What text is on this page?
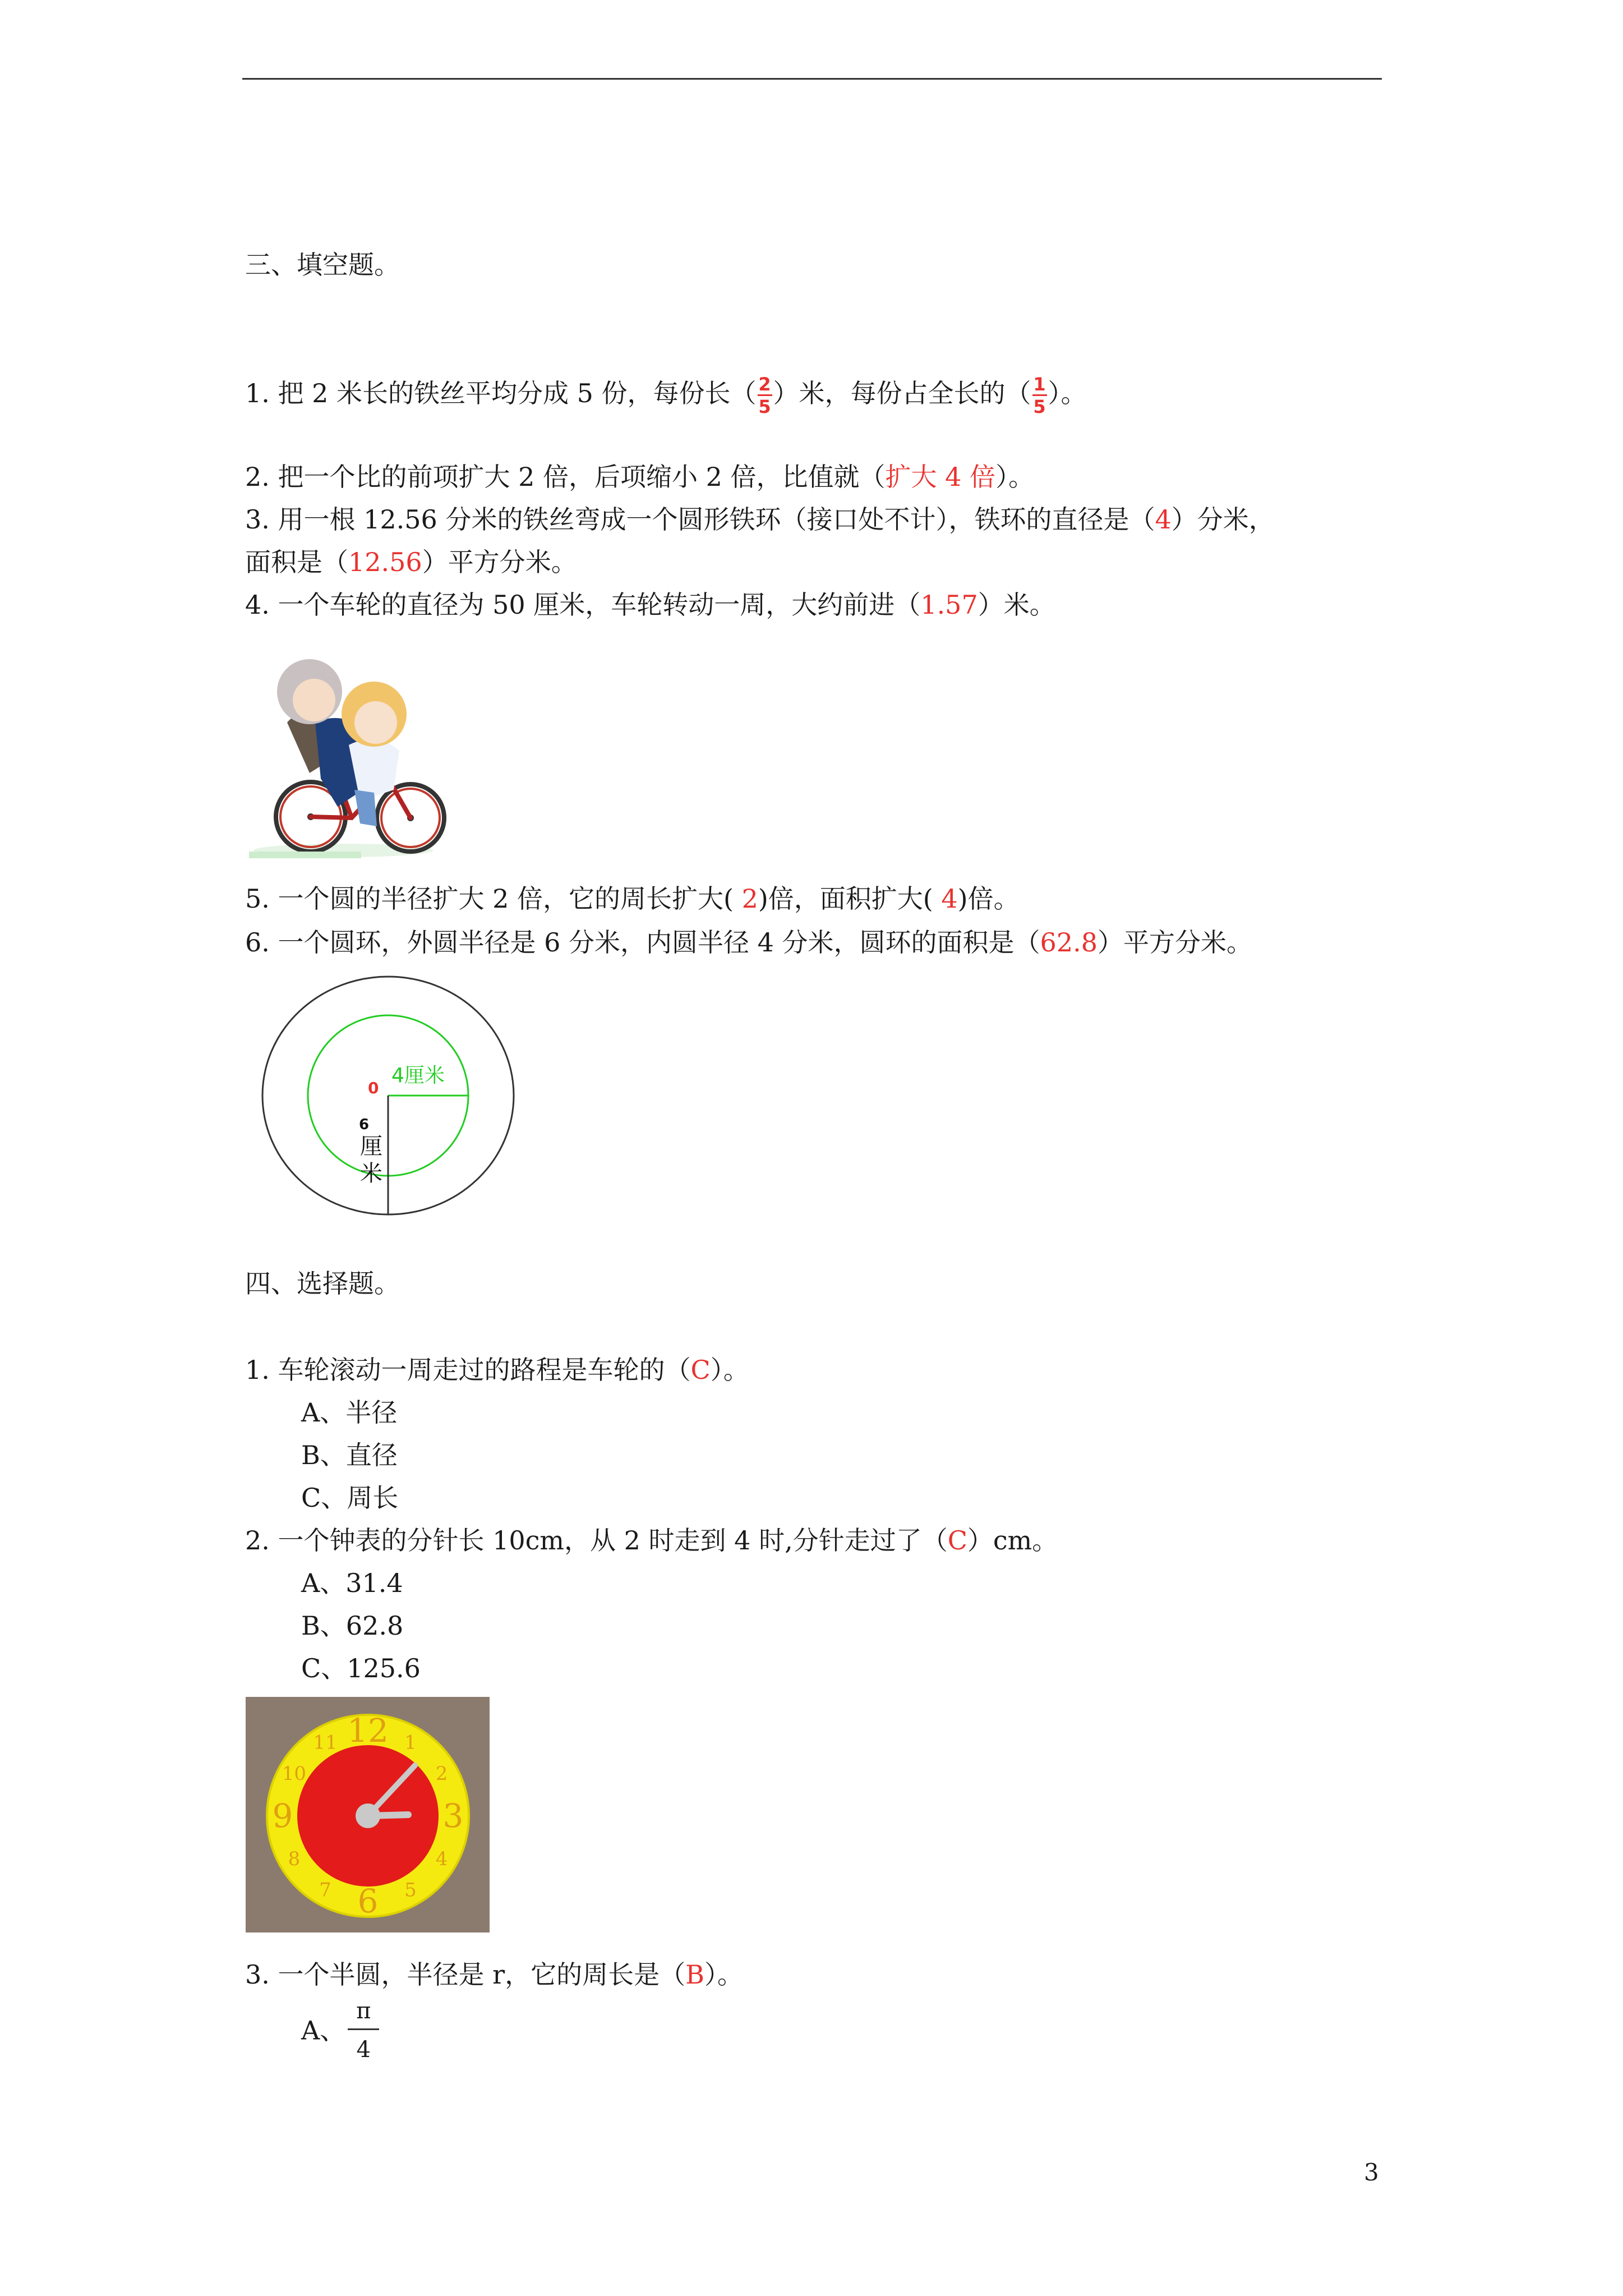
三、填空题。
1. 把 2 米长的铁丝平均分成 5 份，每份长（ $\frac{2}{5}$ ）米，每份占全长的（ $\frac{1}{5}$ ）。
2. 把一个比的前项扩大 2 倍，后项缩小 2 倍，比值就（扩大 4 倍）。
3. 用一根 12.56 分米的铁丝弯成一个圆形铁环（接口处不计），铁环的直径是（4）分米，
面积是（12.56）平方分米。
4. 一个车轮的直径为 50 厘米，车轮转动一周，大约前进（1.57）米。
5. 一个圆的半径扩大 2 倍，它的周长扩大( 2)倍，面积扩大( 4)倍。
6. 一个圆环，外圆半径是 6 分米，内圆半径 4 分米，圆环的面积是（62.8）平方分米。
0
4厘米
6
厘
米
四、选择题。
1. 车轮滚动一周走过的路程是车轮的（C）。
A、半径
B、直径
C、周长
2. 一个钟表的分针长 10cm，从 2 时走到 4 时,分针走过了（C）cm。
A、31.4
B、62.8
C、125.6
12 1
2
3
4
5
6
7
8
9
10
11
3. 一个半圆，半径是 r，它的周长是（B）。
A、 $\frac{\pi}{4}$
3
